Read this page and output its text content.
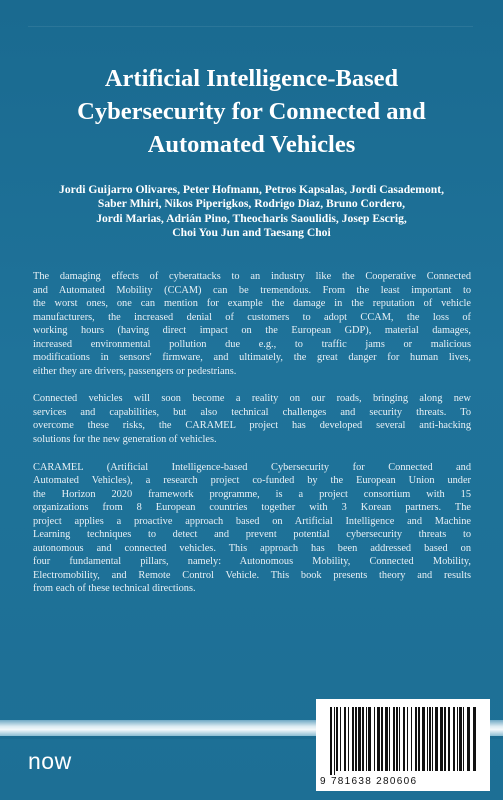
Artificial Intelligence-Based
Cybersecurity for Connected and
Automated Vehicles
Jordi Guijarro Olivares, Peter Hofmann, Petros Kapsalas, Jordi Casademont,
Saber Mhiri, Nikos Piperigkos, Rodrigo Diaz, Bruno Cordero,
Jordi Marias, Adrián Pino, Theocharis Saoulidis, Josep Escrig,
Choi You Jun and Taesang Choi

The damaging effects of cyberattacks to an industry like the Cooperative Connected
and Automated Mobility (CCAM) can be tremendous. From the least important to
the worst ones, one can mention for example the damage in the reputation of vehicle
manufacturers, the increased denial of customers to adopt CCAM, the loss of
working hours (having direct impact on the European GDP), material damages,
increased environmental pollution due e.g., to traffic jams or malicious
modifications in sensors' firmware, and ultimately, the great danger for human lives,
either they are drivers, passengers or pedestrians.

Connected vehicles will soon become a reality on our roads, bringing along new
services and capabilities, but also technical challenges and security threats. To
overcome these risks, the CARAMEL project has developed several anti-hacking
solutions for the new generation of vehicles.

CARAMEL (Artificial Intelligence-based Cybersecurity for Connected and
Automated Vehicles), a research project co-funded by the European Union under
the Horizon 2020 framework programme, is a project consortium with 15
organizations from 8 European countries together with 3 Korean partners. The
project applies a proactive approach based on Artificial Intelligence and Machine
Learning techniques to detect and prevent potential cybersecurity threats to
autonomous and connected vehicles. This approach has been addressed based on
four fundamental pillars, namely: Autonomous Mobility, Connected Mobility,
Electromobility, and Remote Control Vehicle. This book presents theory and results
from each of these technical directions.

now
9 781638 280606
